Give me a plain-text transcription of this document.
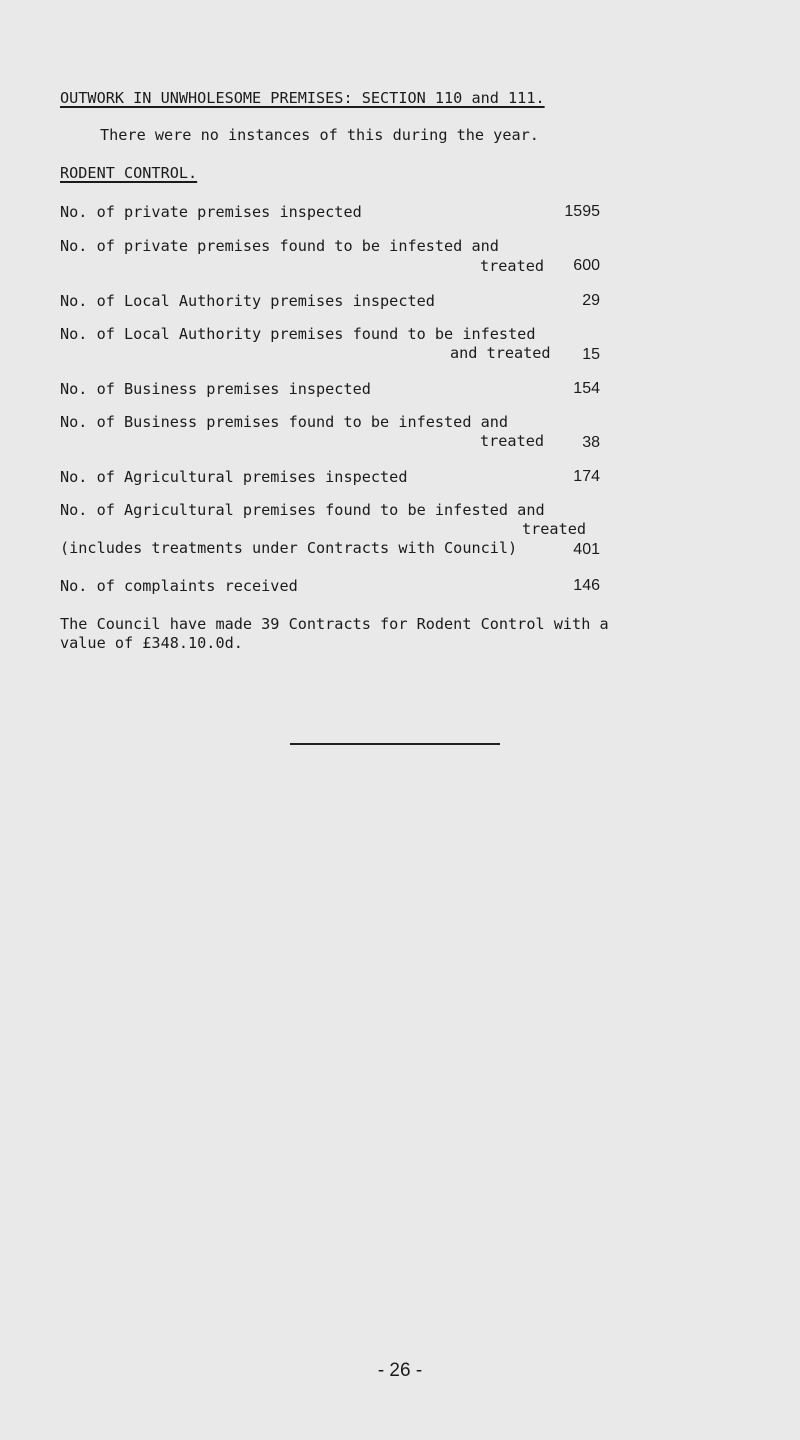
OUTWORK IN UNWHOLESOME PREMISES: SECTION 110 and 111.
There were no instances of this during the year.
RODENT CONTROL.
No. of private premises inspected	1595
No. of private premises found to be infested and
treated	600
No. of Local Authority premises inspected	29
No. of Local Authority premises found to be infested
and treated	15
No. of Business premises inspected	154
No. of Business premises found to be infested and
treated	38
No. of Agricultural premises inspected	174
No. of Agricultural premises found to be infested and
treated
(includes treatments under Contracts with Council)	401
No. of complaints received	146
The Council have made 39 Contracts for Rodent Control with a
value of £348.10.0d.
- 26 -
